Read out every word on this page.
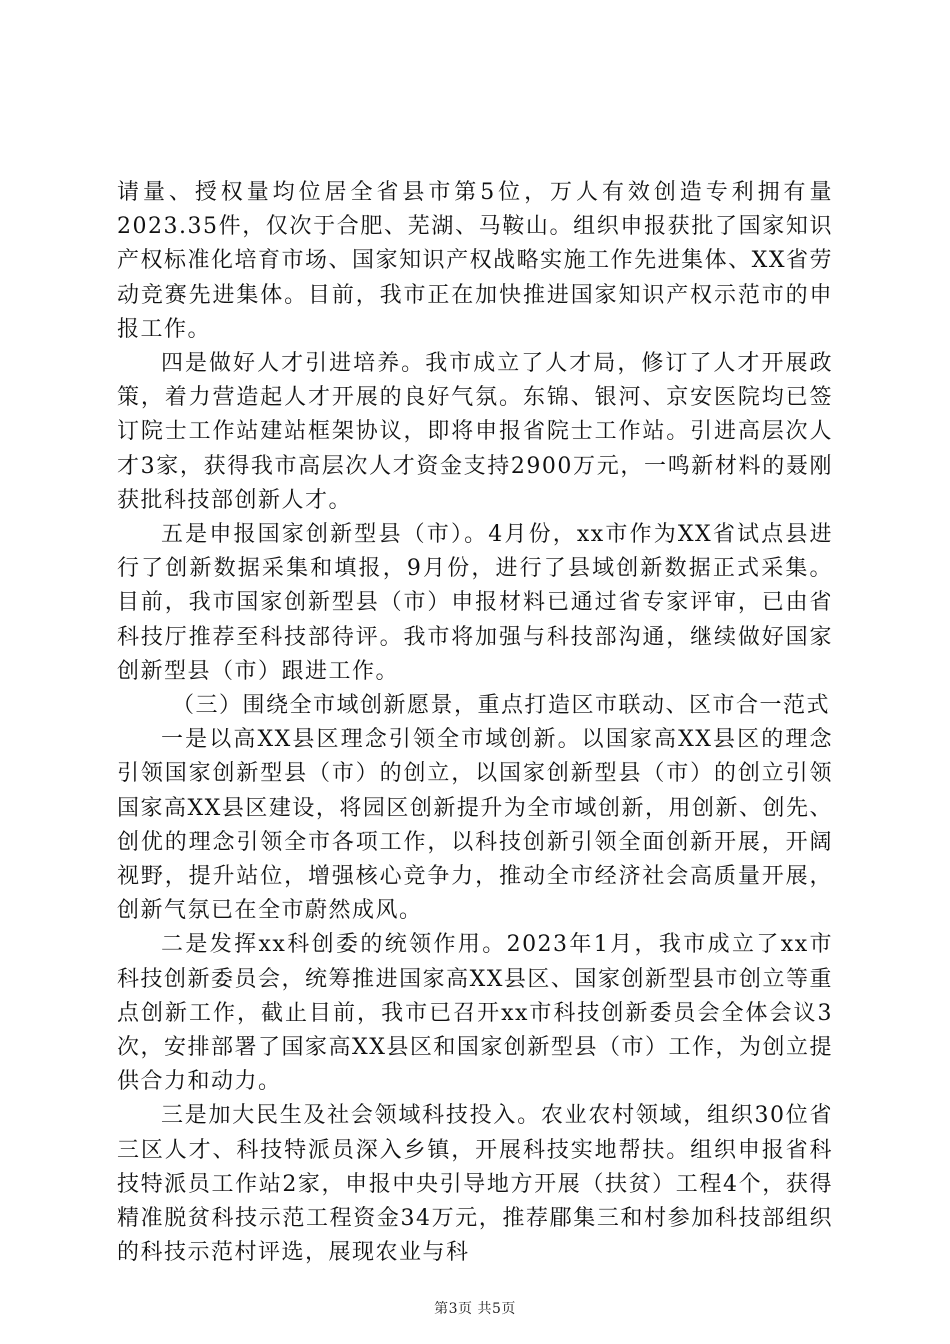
请量、授权量均位居全省县市第5位，万人有效创造专利拥有量2023.35件，仅次于合肥、芜湖、马鞍山。组织申报获批了国家知识产权标准化培育市场、国家知识产权战略实施工作先进集体、XX省劳动竞赛先进集体。目前，我市正在加快推进国家知识产权示范市的申报工作。

四是做好人才引进培养。我市成立了人才局，修订了人才开展政策，着力营造起人才开展的良好气氛。东锦、银河、京安医院均已签订院士工作站建站框架协议，即将申报省院士工作站。引进高层次人才3家，获得我市高层次人才资金支持2900万元，一鸣新材料的聂刚获批科技部创新人才。

五是申报国家创新型县（市）。4月份，xx市作为XX省试点县进行了创新数据采集和填报，9月份，进行了县域创新数据正式采集。目前，我市国家创新型县（市）申报材料已通过省专家评审，已由省科技厅推荐至科技部待评。我市将加强与科技部沟通，继续做好国家创新型县（市）跟进工作。

（三）围绕全市域创新愿景，重点打造区市联动、区市合一范式

一是以高XX县区理念引领全市域创新。以国家高XX县区的理念引领国家创新型县（市）的创立，以国家创新型县（市）的创立引领国家高XX县区建设，将园区创新提升为全市域创新，用创新、创先、创优的理念引领全市各项工作，以科技创新引领全面创新开展，开阔视野，提升站位，增强核心竞争力，推动全市经济社会高质量开展，创新气氛已在全市蔚然成风。

二是发挥xx科创委的统领作用。2023年1月，我市成立了xx市科技创新委员会，统筹推进国家高XX县区、国家创新型县市创立等重点创新工作，截止目前，我市已召开xx市科技创新委员会全体会议3次，安排部署了国家高XX县区和国家创新型县（市）工作，为创立提供合力和动力。

三是加大民生及社会领域科技投入。农业农村领域，组织30位省三区人才、科技特派员深入乡镇，开展科技实地帮扶。组织申报省科技特派员工作站2家，申报中央引导地方开展（扶贫）工程4个，获得精准脱贫科技示范工程资金34万元，推荐郿集三和村参加科技部组织的科技示范村评选，展现农业与科

第3页 共5页
